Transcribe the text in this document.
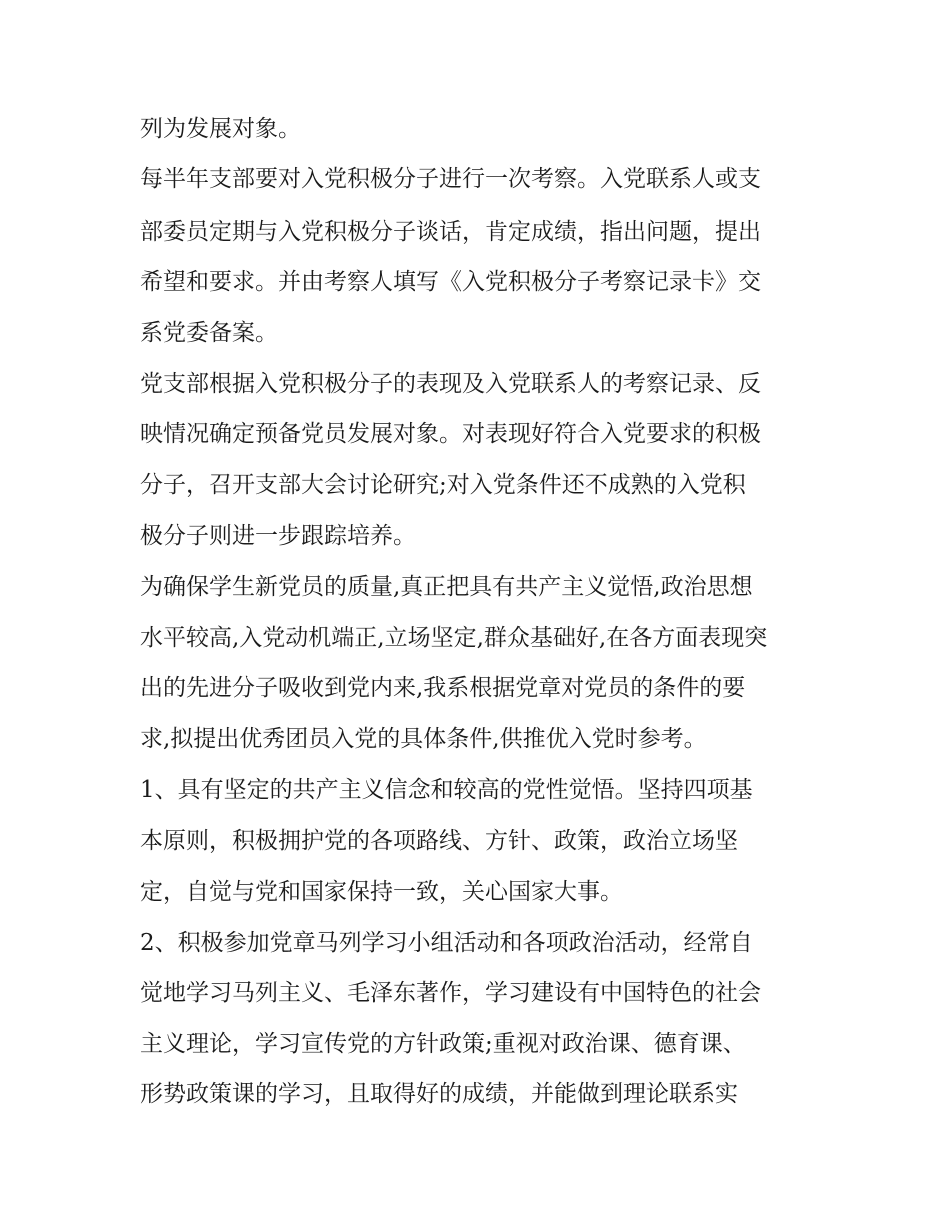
列为发展对象。

每半年支部要对入党积极分子进行一次考察。入党联系人或支

部委员定期与入党积极分子谈话，肯定成绩，指出问题，提出

希望和要求。并由考察人填写《入党积极分子考察记录卡》交

系党委备案。

党支部根据入党积极分子的表现及入党联系人的考察记录、反

映情况确定预备党员发展对象。对表现好符合入党要求的积极

分子，召开支部大会讨论研究;对入党条件还不成熟的入党积

极分子则进一步跟踪培养。

为确保学生新党员的质量,真正把具有共产主义觉悟,政治思想

水平较高,入党动机端正,立场坚定,群众基础好,在各方面表现突

出的先进分子吸收到党内来,我系根据党章对党员的条件的要

求,拟提出优秀团员入党的具体条件,供推优入党时参考。

1、具有坚定的共产主义信念和较高的党性觉悟。坚持四项基

本原则，积极拥护党的各项路线、方针、政策，政治立场坚

定，自觉与党和国家保持一致，关心国家大事。

2、积极参加党章马列学习小组活动和各项政治活动，经常自

觉地学习马列主义、毛泽东著作，学习建设有中国特色的社会

主义理论，学习宣传党的方针政策;重视对政治课、德育课、

形势政策课的学习，且取得好的成绩，并能做到理论联系实
